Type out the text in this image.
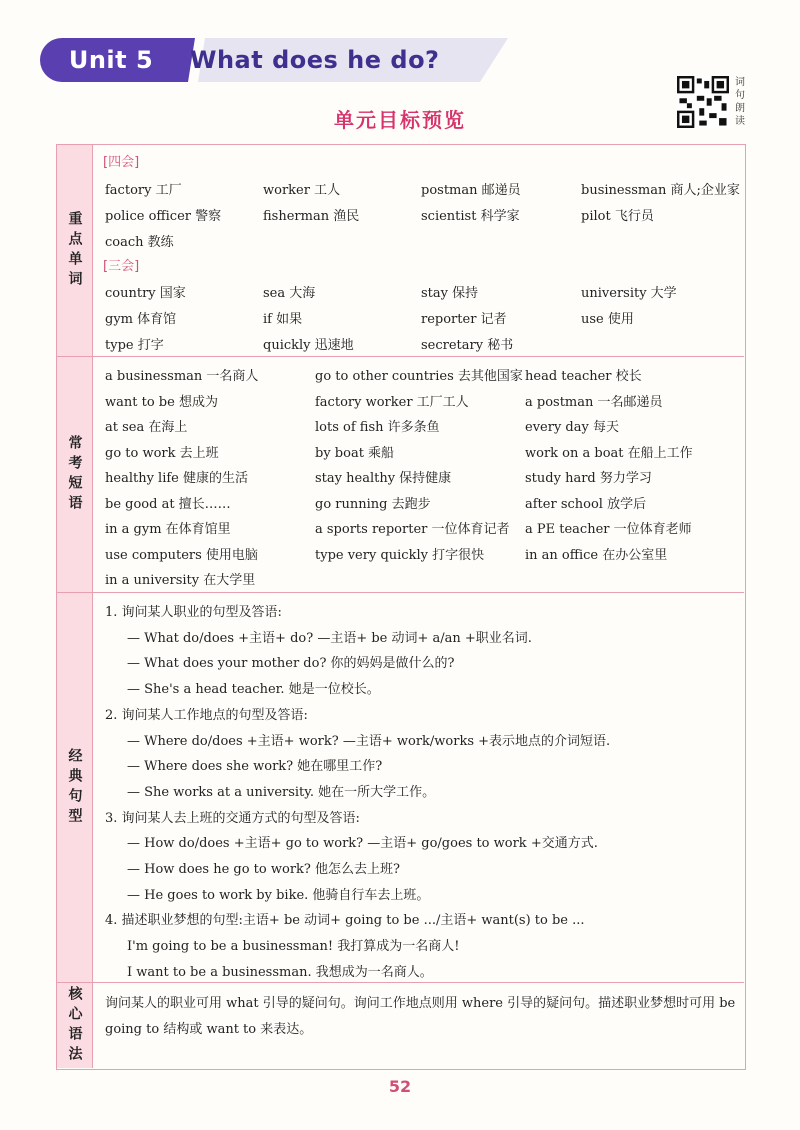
Unit 5	What does he do?
单元目标预览
词句朗读
重点单词
[四会]
[三会]
factory 工厂	worker 工人	postman 邮递员	businessman 商人;企业家
police officer 警察	fisherman 渔民	scientist 科学家	pilot 飞行员
coach 教练
country 国家	sea 大海	stay 保持	university 大学
gym 体育馆	if 如果	reporter 记者	use 使用
type 打字	quickly 迅速地	secretary 秘书
常考短语
a businessman 一名商人	go to other countries 去其他国家 head teacher 校长
want to be 想成为	factory worker 工厂工人	a postman 一名邮递员
at sea 在海上	lots of fish 许多条鱼	every day 每天
go to work 去上班	by boat 乘船	work on a boat 在船上工作
healthy life 健康的生活	stay healthy 保持健康	study hard 努力学习
be good at 擅长……	go running 去跑步	after school 放学后
in a gym 在体育馆里	a sports reporter 一位体育记者 a PE teacher 一位体育老师
use computers 使用电脑	type very quickly 打字很快	in an office 在办公室里
in a university 在大学里
经典句型
1. 询问某人职业的句型及答语:
— What do/does +主语+ do? —主语+ be 动词+ a/an +职业名词.
— What does your mother do? 你的妈妈是做什么的?
— She's a head teacher. 她是一位校长。
2. 询问某人工作地点的句型及答语:
— Where do/does +主语+ work? —主语+ work/works +表示地点的介词短语.
— Where does she work? 她在哪里工作?
— She works at a university. 她在一所大学工作。
3. 询问某人去上班的交通方式的句型及答语:
— How do/does +主语+ go to work? —主语+ go/goes to work +交通方式.
— How does he go to work? 他怎么去上班?
— He goes to work by bike. 他骑自行车去上班。
4. 描述职业梦想的句型:主语+ be 动词+ going to be .../主语+ want(s) to be ...
I'm going to be a businessman! 我打算成为一名商人!
I want to be a businessman. 我想成为一名商人。
核心语法 询问某人的职业可用 what 引导的疑问句。询问工作地点则用 where 引导的疑问句。描述职业梦想时可用 be going to 结构或 want to 来表达。
52
